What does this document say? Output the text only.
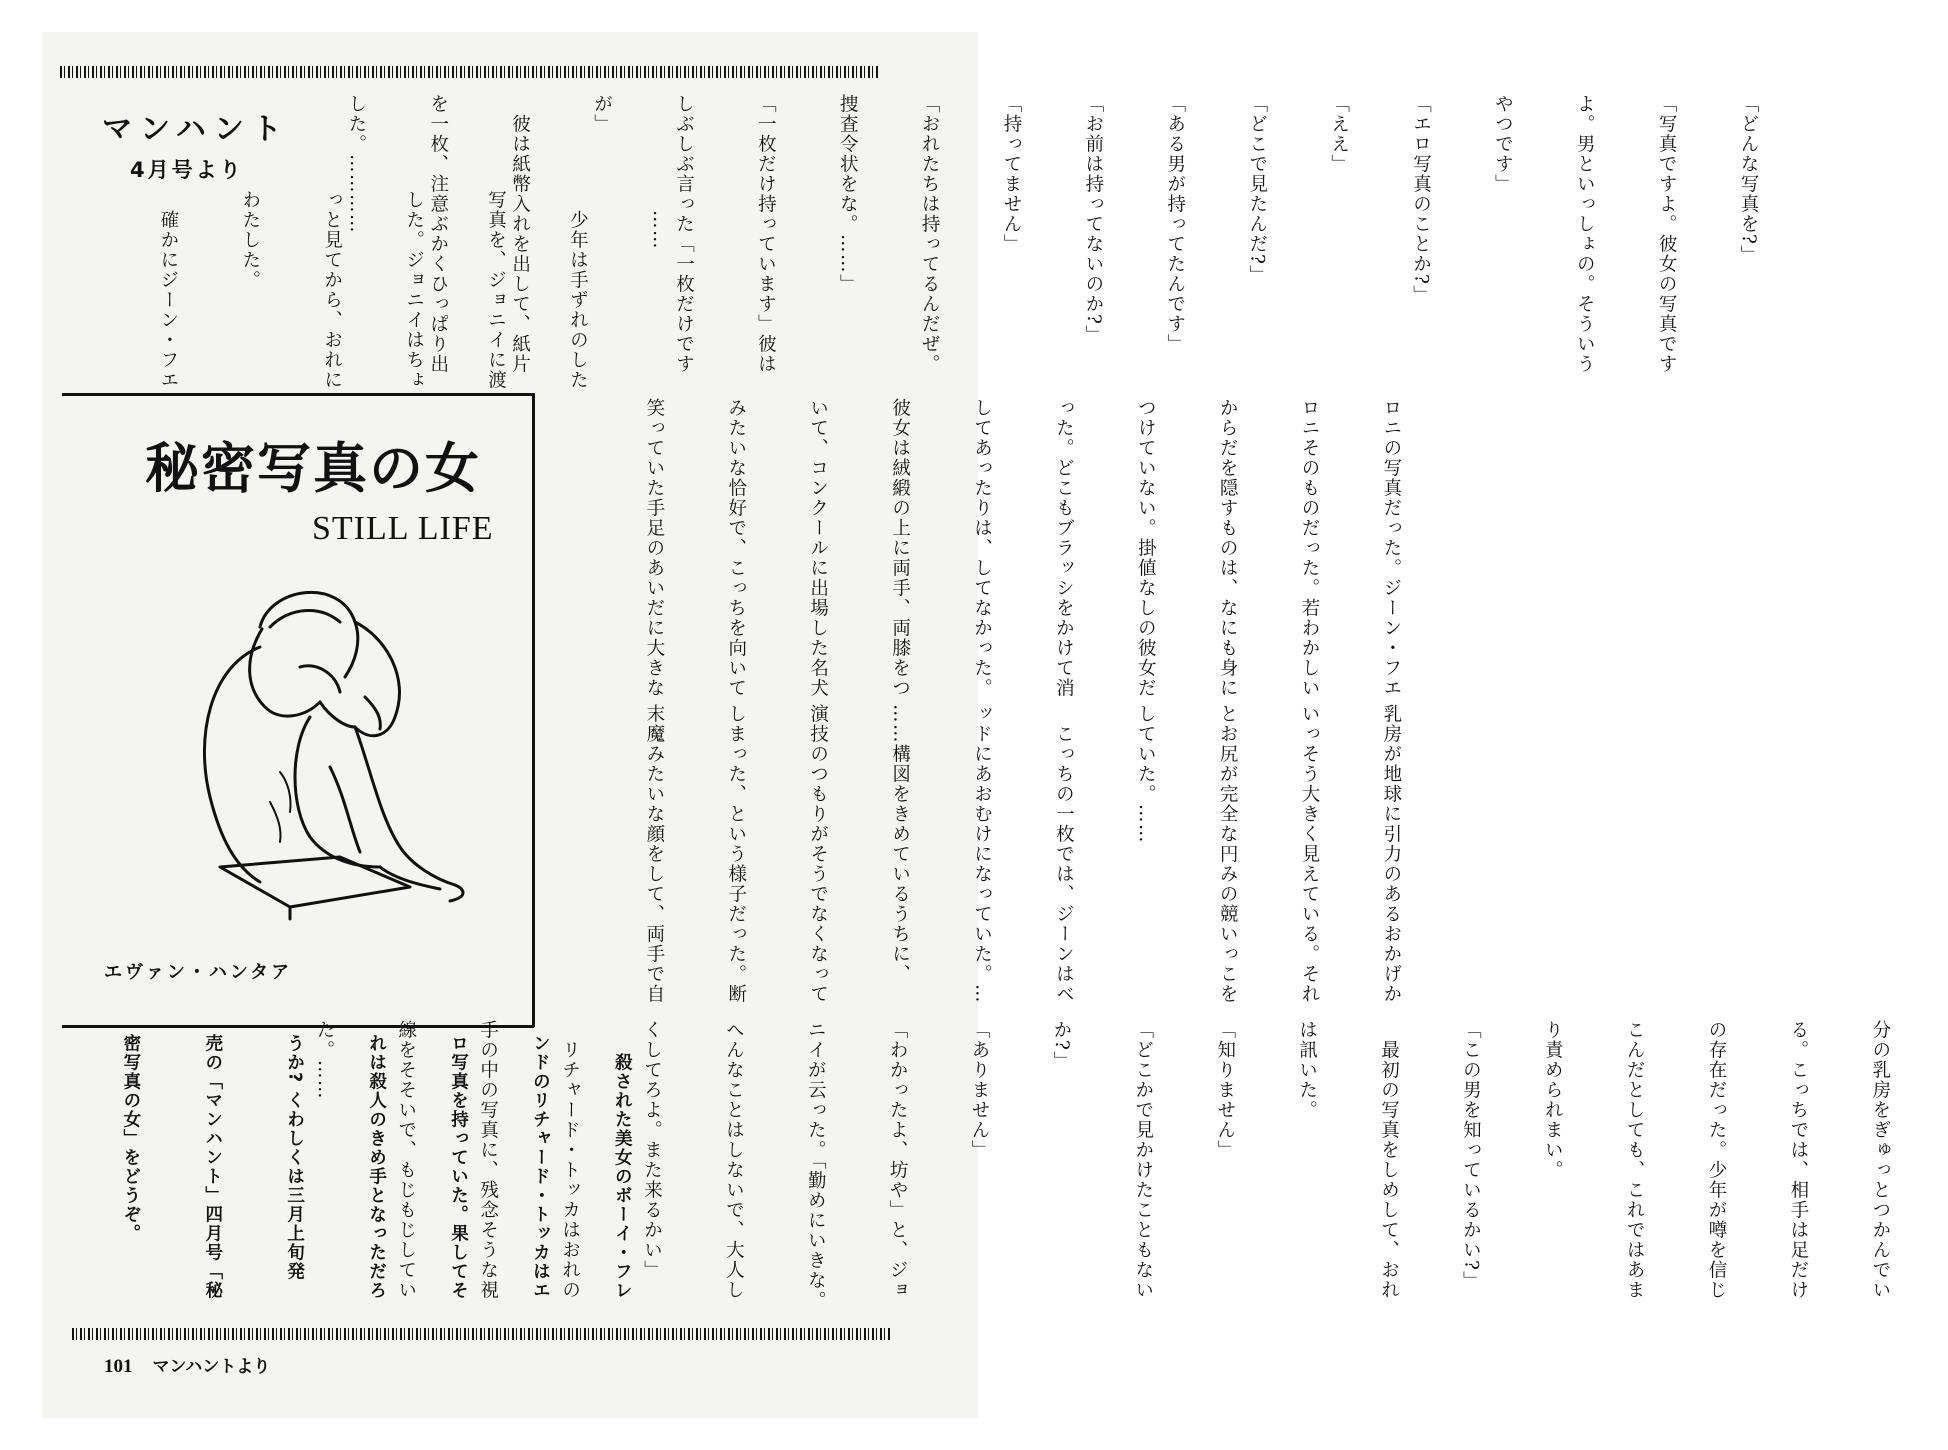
マンハント
4月号より

　……

　少年は手ずれのした

写真を、ジョニイに渡

した。ジョニイはちょ

っと見てから、おれに

わたした。

　確かにジーン・フエ

「どんな写真を?」

「写真ですよ。彼女の写真です

よ。男といっしょの。そういう

やつです」

「エロ写真のことか?」

「ええ」

「どこで見たんだ?」

「ある男が持ってたんです」

「お前は持ってないのか?」

「持ってません」

「おれたちは持ってるんだぜ。

捜査令状をな。……」

「一枚だけ持っています」彼は

しぶしぶ言った「一枚だけです

が」

　彼は紙幣入れを出して、紙片

を一枚、注意ぶかくひっぱり出

した。…………

ロニの写真だった。ジーン・フエ

ロニそのものだった。若わかしい

からだを隠すものは、なにも身に

つけていない。掛値なしの彼女だ

った。どこもブラッシをかけて消

してあったりは、してなかった。

彼女は絨緞の上に両手、両膝をつ

いて、コンクールに出場した名犬

みたいな恰好で、こっちを向いて

笑っていた手足のあいだに大きな

乳房が地球に引力のあるおかげか

いっそう大きく見えている。それ

とお尻が完全な円みの競いっこを

していた。……

　こっちの一枚では、ジーンはベ

ッドにあおむけになっていた。…

……構図をきめているうちに、

演技のつもりがそうでなくなって

しまった、という様子だった。断

末魔みたいな顔をして、両手で自

分の乳房をぎゅっとつかんでい

る。こっちでは、相手は足だけ

の存在だった。少年が噂を信じ

こんだとしても、これではあま

り責められまい。

「この男を知っているかい?」

　最初の写真をしめして、おれ

は訊いた。

「知りません」

「どこかで見かけたこともない

か?」

「ありません」

「わかったよ、坊や」と、ジョ

ニイが云った。「勤めにいきな。

へんなことはしないで、大人し

くしてろよ。また来るかい」

　リチャード・トッカはおれの

手の中の写真に、残念そうな視

線をそそいで、もじもじしてい

た。……

	　殺された美女のボーイ・フレ

ンドのリチャード・トッカはエ

ロ写真を持っていた。果してそ

れは殺人のきめ手となっただろ

うか? くわしくは三月上旬発

売の「マンハント」四月号「秘

密写真の女」をどうぞ。

秘密写真の女
STILL LIFE
エヴァン・ハンタア
101 マンハントより
